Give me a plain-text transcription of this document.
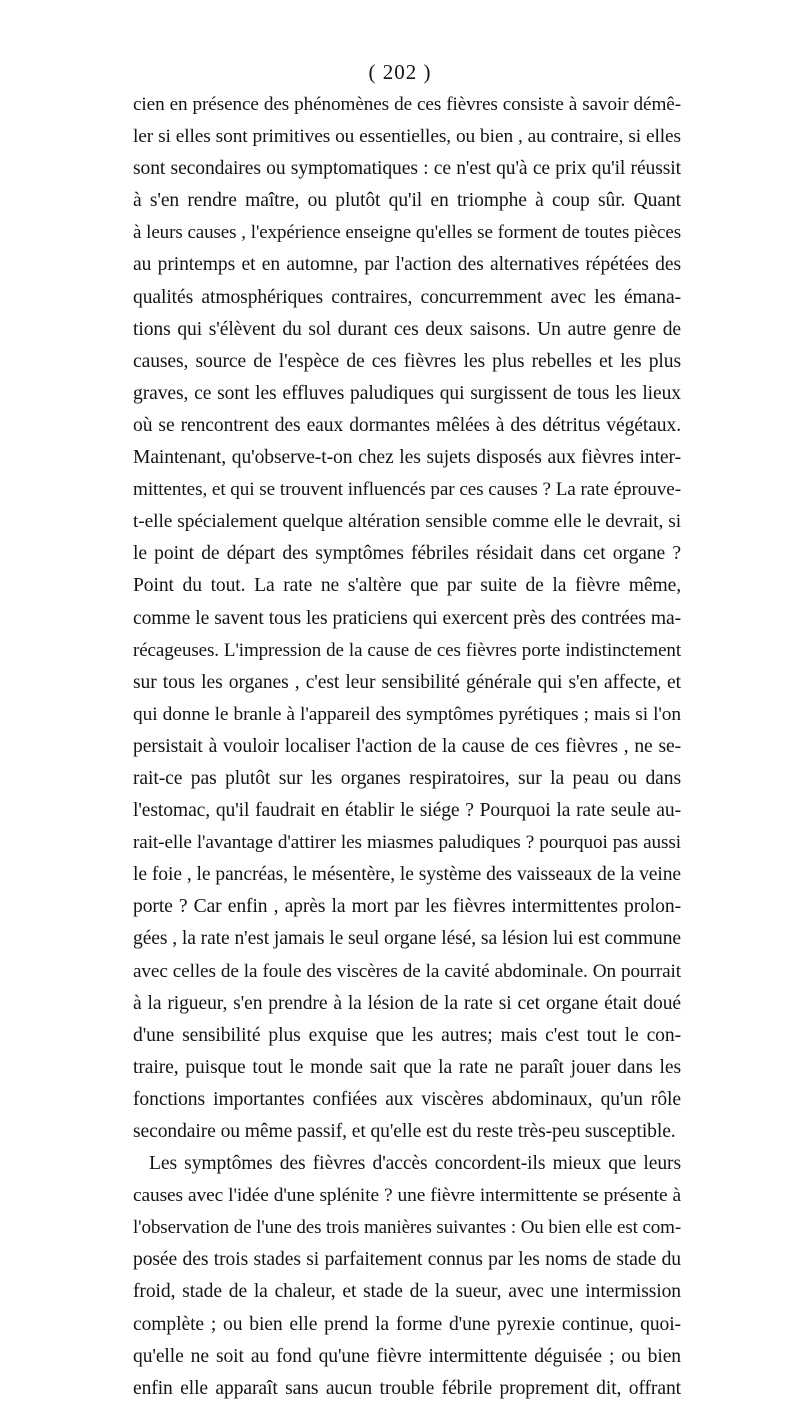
( 202 )

cien en présence des phénomènes de ces fièvres consiste à savoir démê-
ler si elles sont primitives ou essentielles, ou bien , au contraire, si elles
sont secondaires ou symptomatiques : ce n'est qu'à ce prix qu'il réussit
à s'en rendre maître, ou plutôt qu'il en triomphe à coup sûr. Quant
à leurs causes , l'expérience enseigne qu'elles se forment de toutes pièces
au printemps et en automne, par l'action des alternatives répétées des
qualités atmosphériques contraires, concurremment avec les émana-
tions qui s'élèvent du sol durant ces deux saisons. Un autre genre de
causes, source de l'espèce de ces fièvres les plus rebelles et les plus
graves, ce sont les effluves paludiques qui surgissent de tous les lieux
où se rencontrent des eaux dormantes mêlées à des détritus végétaux.
Maintenant, qu'observe-t-on chez les sujets disposés aux fièvres inter-
mittentes, et qui se trouvent influencés par ces causes ? La rate éprouve-
t-elle spécialement quelque altération sensible comme elle le devrait, si
le point de départ des symptômes fébriles résidait dans cet organe ?
Point du tout. La rate ne s'altère que par suite de la fièvre même,
comme le savent tous les praticiens qui exercent près des contrées ma-
récageuses. L'impression de la cause de ces fièvres porte indistinctement
sur tous les organes , c'est leur sensibilité générale qui s'en affecte, et
qui donne le branle à l'appareil des symptômes pyrétiques ; mais si l'on
persistait à vouloir localiser l'action de la cause de ces fièvres , ne se-
rait-ce pas plutôt sur les organes respiratoires, sur la peau ou dans
l'estomac, qu'il faudrait en établir le siége ? Pourquoi la rate seule au-
rait-elle l'avantage d'attirer les miasmes paludiques ? pourquoi pas aussi
le foie , le pancréas, le mésentère, le système des vaisseaux de la veine
porte ? Car enfin , après la mort par les fièvres intermittentes prolon-
gées , la rate n'est jamais le seul organe lésé, sa lésion lui est commune
avec celles de la foule des viscères de la cavité abdominale. On pourrait
à la rigueur, s'en prendre à la lésion de la rate si cet organe était doué
d'une sensibilité plus exquise que les autres; mais c'est tout le con-
traire, puisque tout le monde sait que la rate ne paraît jouer dans les
fonctions importantes confiées aux viscères abdominaux, qu'un rôle
secondaire ou même passif, et qu'elle est du reste très-peu susceptible.
Les symptômes des fièvres d'accès concordent-ils mieux que leurs
causes avec l'idée d'une splénite ? une fièvre intermittente se présente à
l'observation de l'une des trois manières suivantes : Ou bien elle est com-
posée des trois stades si parfaitement connus par les noms de stade du
froid, stade de la chaleur, et stade de la sueur, avec une intermission
complète ; ou bien elle prend la forme d'une pyrexie continue, quoi-
qu'elle ne soit au fond qu'une fièvre intermittente déguisée ; ou bien
enfin elle apparaît sans aucun trouble fébrile proprement dit, offrant
